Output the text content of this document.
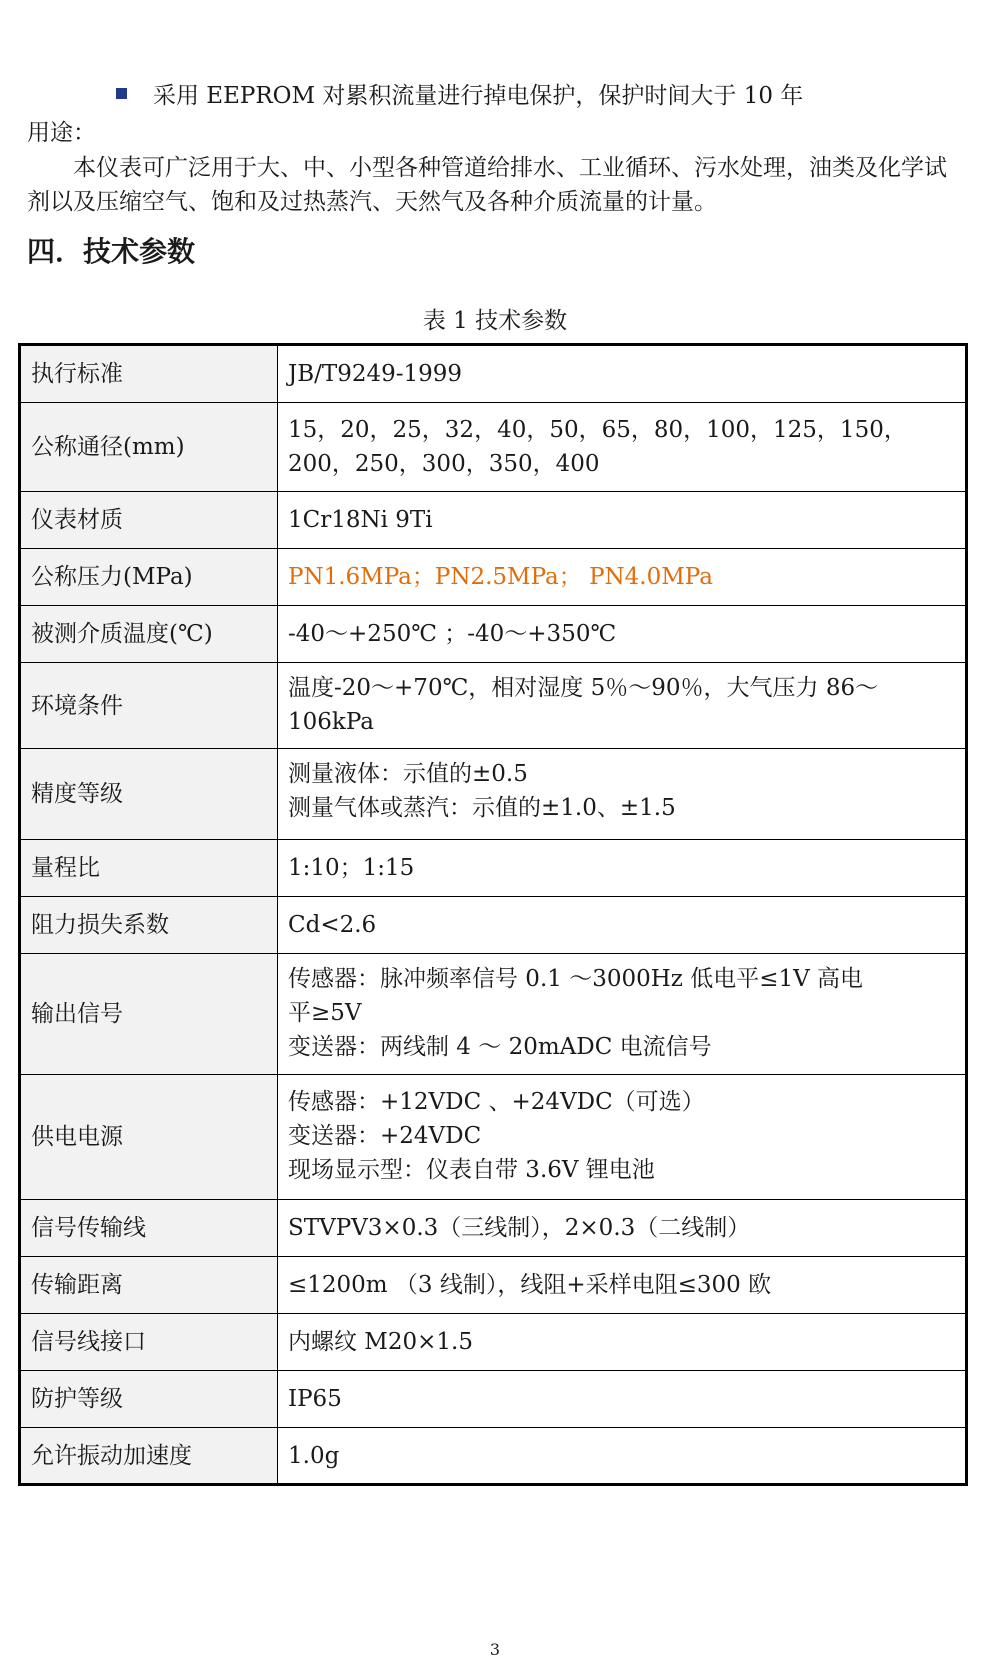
采用 EEPROM 对累积流量进行掉电保护，保护时间大于 10 年
用途：
本仪表可广泛用于大、中、小型各种管道给排水、工业循环、污水处理，油类及化学试剂以及压缩空气、饱和及过热蒸汽、天然气及各种介质流量的计量。
四．技术参数
表 1 技术参数
执行标准	JB/T9249-1999

公称通径(mm)	15，20，25，32，40，50，65，80，100，125，150，
200，250，300，350，400

仪表材质	1Cr18Ni 9Ti

公称压力(MPa)	PN1.6MPa；PN2.5MPa； PN4.0MPa

被测介质温度(℃)	-40～+250℃ ；-40～+350℃

环境条件	温度-20～+70℃，相对湿度 5％～90％，大气压力 86～
106kPa

精度等级	测量液体：示值的±0.5
测量气体或蒸汽：示值的±1.0、±1.5

量程比	1:10；1:15

阻力损失系数	Cd<2.6

输出信号	传感器：脉冲频率信号 0.1 ～3000Hz 低电平≤1V 高电
平≥5V
变送器：两线制 4 ～ 20mADC 电流信号

供电电源	传感器：+12VDC 、+24VDC（可选）
变送器：+24VDC
现场显示型：仪表自带 3.6V 锂电池

信号传输线	STVPV3×0.3（三线制），2×0.3（二线制）

传输距离	≤1200m （3 线制），线阻+采样电阻≤300 欧

信号线接口	内螺纹 M20×1.5

防护等级	IP65

允许振动加速度	1.0g
3
